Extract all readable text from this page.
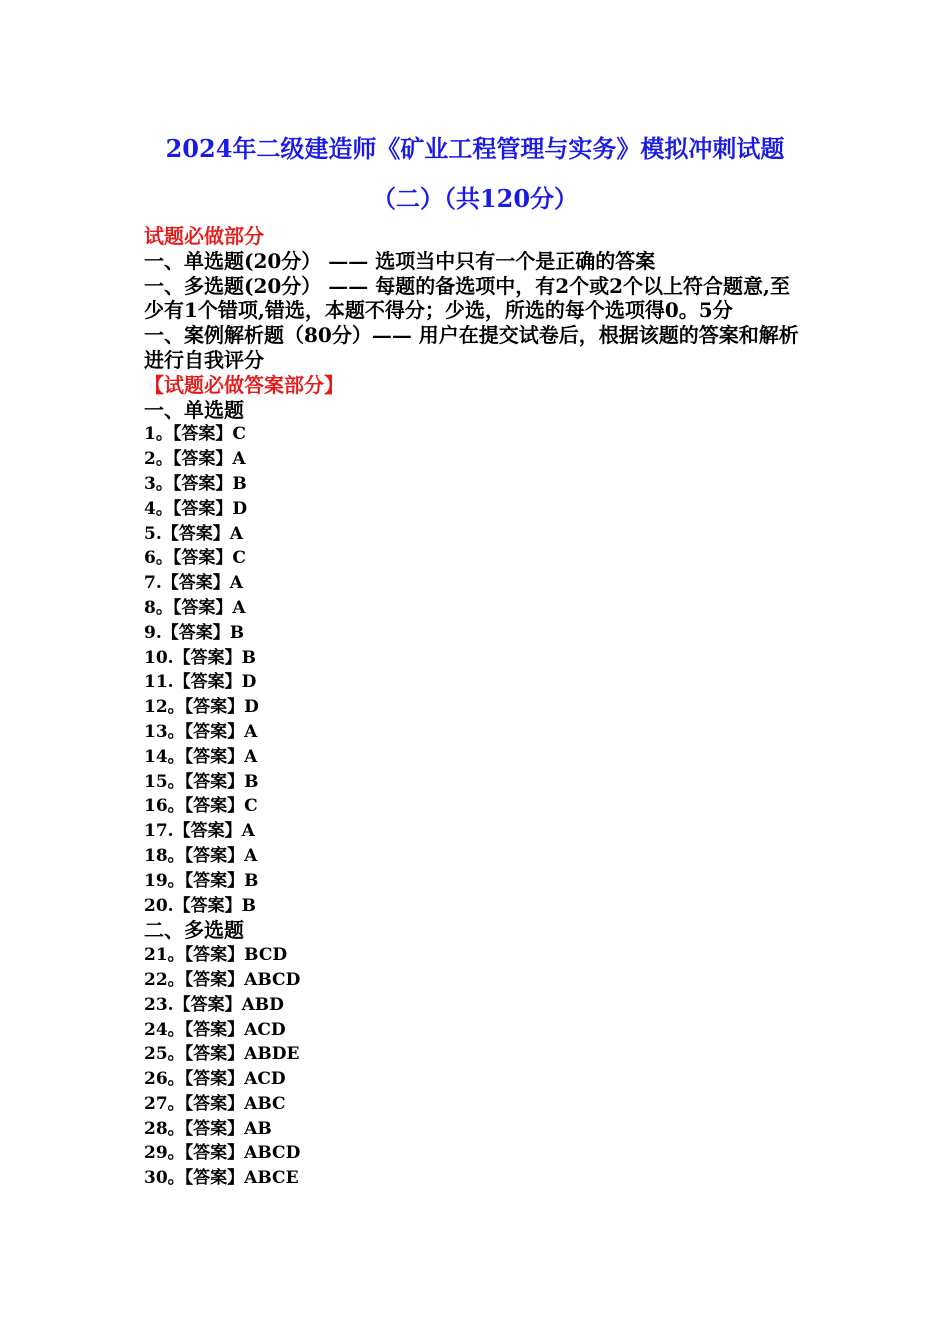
2024年二级建造师《矿业工程管理与实务》模拟冲刺试题
（二）（共120分）

试题必做部分

一、单选题(20分） —— 选项当中只有一个是正确的答案

一、多选题(20分） —— 每题的备选项中，有2个或2个以上符合题意,至少有1个错项,错选，本题不得分；少选，所选的每个选项得0。5分

一、案例解析题（80分）—— 用户在提交试卷后，根据该题的答案和解析进行自我评分

【试题必做答案部分】

一、单选题

1。【答案】C

2。【答案】A

3。【答案】B

4。【答案】D

5.【答案】A

6。【答案】C

7.【答案】A

8。【答案】A

9.【答案】B

10.【答案】B

11.【答案】D

12。【答案】D

13。【答案】A

14。【答案】A

15。【答案】B

16。【答案】C

17.【答案】A

18。【答案】A

19。【答案】B

20.【答案】B

二、多选题

21。【答案】BCD

22。【答案】ABCD

23.【答案】ABD

24。【答案】ACD

25。【答案】ABDE

26。【答案】ACD

27。【答案】ABC

28。【答案】AB

29。【答案】ABCD

30。【答案】ABCE
